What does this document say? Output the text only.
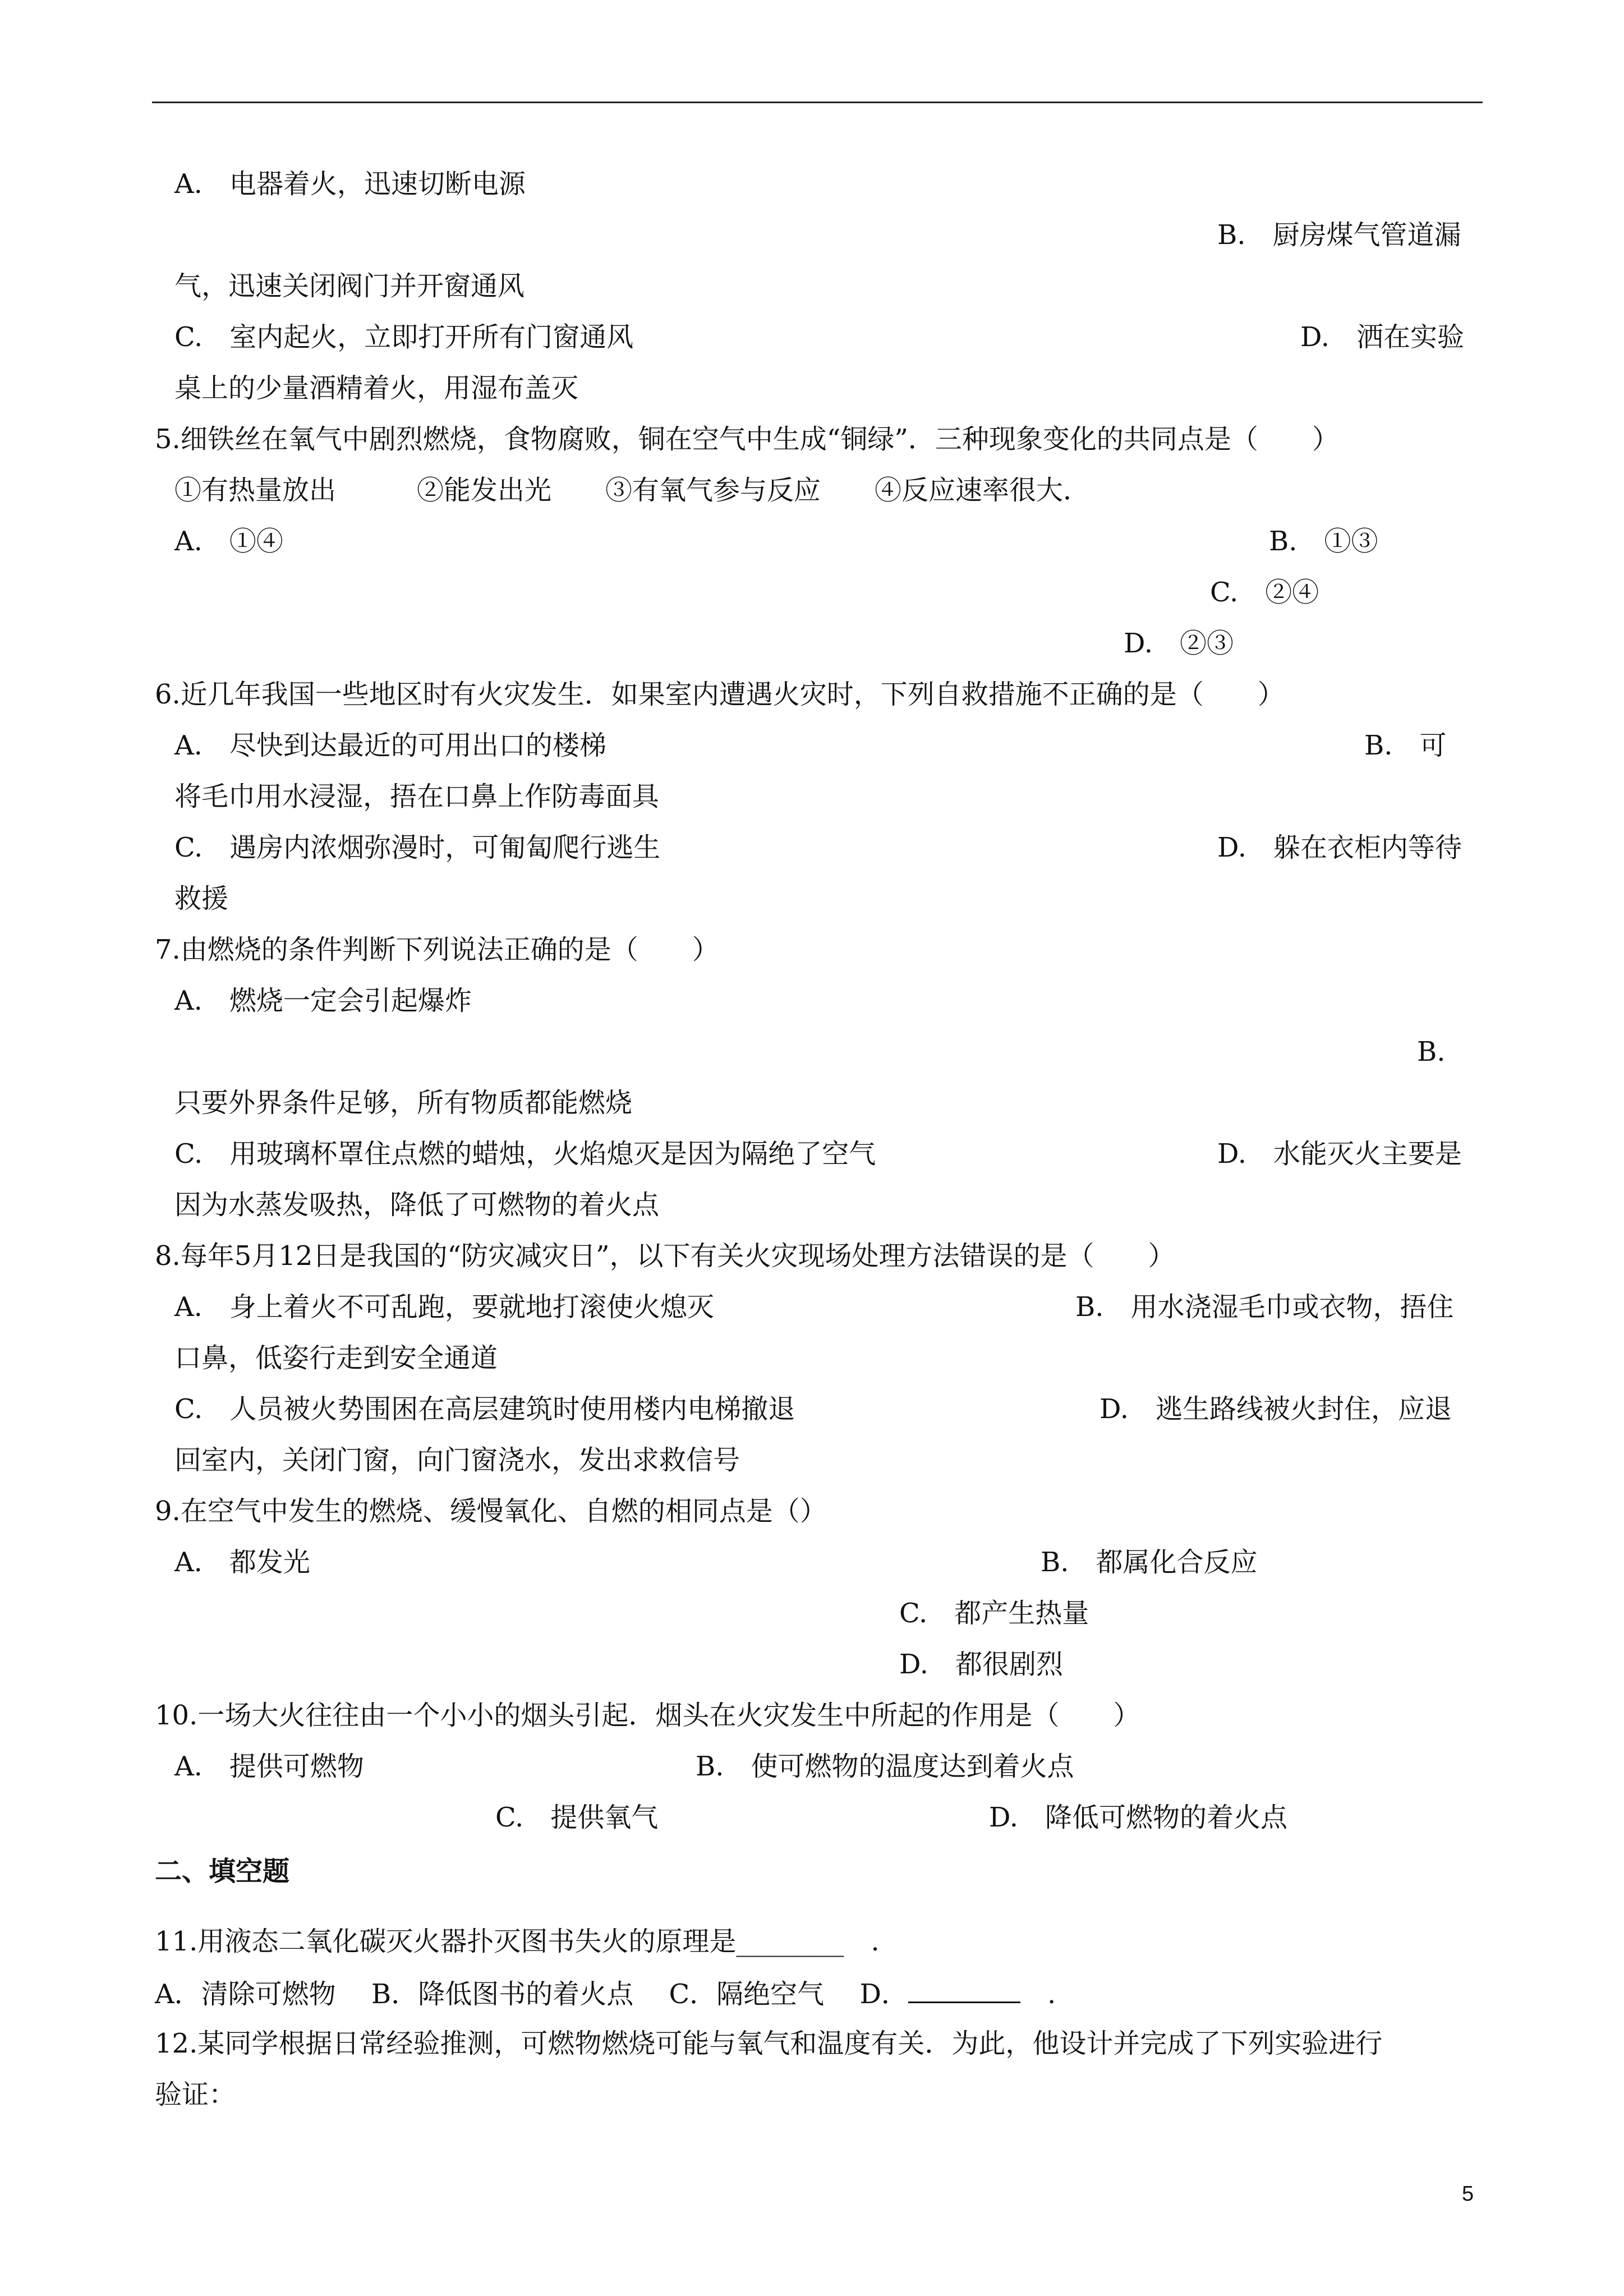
A.　电器着火，迅速切断电源
B.　厨房煤气管道漏
气，迅速关闭阀门并开窗通风
C.　室内起火，立即打开所有门窗通风	D.　洒在实验
桌上的少量酒精着火，用湿布盖灭
5.细铁丝在氧气中剧烈燃烧，食物腐败，铜在空气中生成“铜绿”．三种现象变化的共同点是（　　）
①有热量放出　　　②能发出光　　③有氧气参与反应　　④反应速率很大．
A.　①④	B.　①③
C.　②④
D.　②③
6.近几年我国一些地区时有火灾发生．如果室内遭遇火灾时，下列自救措施不正确的是（　　）
A.　尽快到达最近的可用出口的楼梯	B.　可
将毛巾用水浸湿，捂在口鼻上作防毒面具
C.　遇房内浓烟弥漫时，可匍匐爬行逃生	D.　躲在衣柜内等待
救援
7.由燃烧的条件判断下列说法正确的是（　　）
A.　燃烧一定会引起爆炸
B.
只要外界条件足够，所有物质都能燃烧
C.　用玻璃杯罩住点燃的蜡烛，火焰熄灭是因为隔绝了空气	D.　水能灭火主要是
因为水蒸发吸热，降低了可燃物的着火点
8.每年5月12日是我国的“防灾减灾日”，以下有关火灾现场处理方法错误的是（　　）
A.　身上着火不可乱跑，要就地打滚使火熄灭	B.　用水浇湿毛巾或衣物，捂住
口鼻，低姿行走到安全通道
C.　人员被火势围困在高层建筑时使用楼内电梯撤退	D.　逃生路线被火封住，应退
回室内，关闭门窗，向门窗浇水，发出求救信号
9.在空气中发生的燃烧、缓慢氧化、自燃的相同点是（）
A.　都发光	B.　都属化合反应
C.　都产生热量
D.　都很剧烈
10.一场大火往往由一个小小的烟头引起．烟头在火灾发生中所起的作用是（　　）
A.　提供可燃物	B.　使可燃物的温度达到着火点
C.　提供氧气	D.　降低可燃物的着火点
二、填空题
11.用液态二氧化碳灭火器扑灭图书失火的原理是________　.
A．清除可燃物　 B．降低图书的着火点　 C．隔绝空气　 D．	　.
12.某同学根据日常经验推测，可燃物燃烧可能与氧气和温度有关．为此，他设计并完成了下列实验进行
验证：
5
